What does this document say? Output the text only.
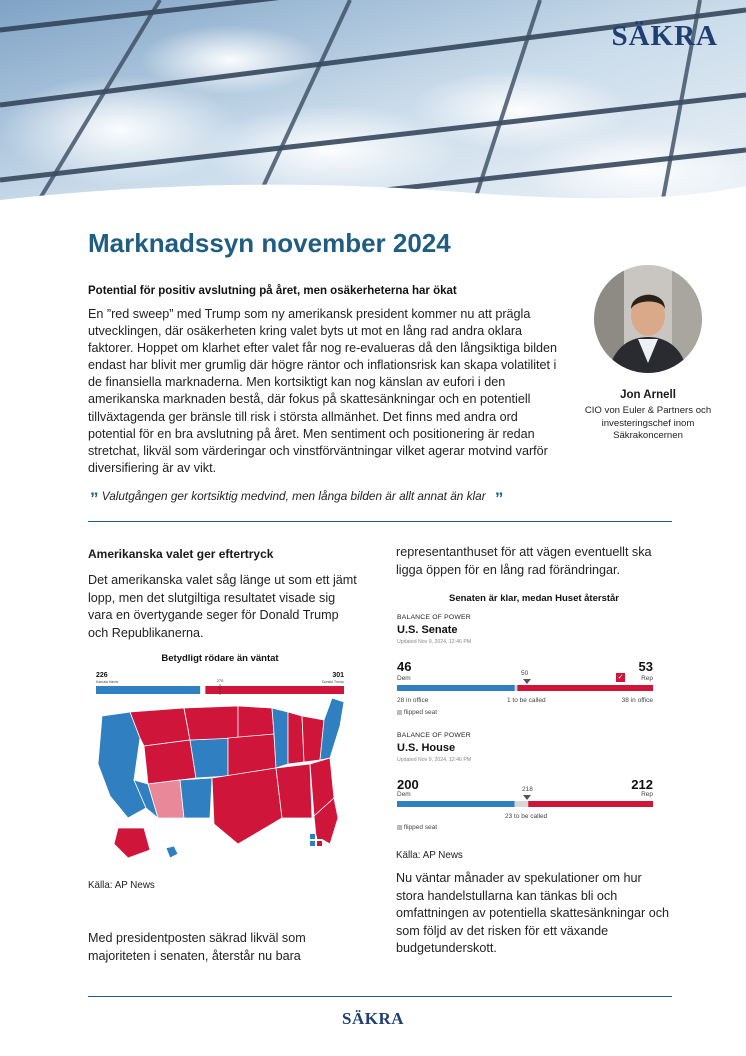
SÄKRA
Marknadssyn november 2024
Potential för positiv avslutning på året, men osäkerheterna har ökat

En ”red sweep” med Trump som ny amerikansk president kommer nu att prägla utvecklingen, där osäkerheten kring valet byts ut mot en lång rad andra oklara faktorer. Hoppet om klarhet efter valet får nog re-evalueras då den långsiktiga bilden endast har blivit mer grumlig där högre räntor och inflationsrisk kan skapa volatilitet i de finansiella marknaderna. Men kortsiktigt kan nog känslan av eufori i den amerikanska marknaden bestå, där fokus på skattesänkningar och en potentiell tillväxtagenda ger bränsle till risk i största allmänhet. Det finns med andra ord potential för en bra avslutning på året. Men sentiment och positionering är redan stretchat, likväl som värderingar och vinstförväntningar vilket agerar motvind varför diversifiering är av vikt.

Jon Arnell
CIO von Euler & Partners och investeringschef inom Säkrakoncernen
” Valutgången ger kortsiktig medvind, men långa bilden är allt annat än klar ”
Amerikanska valet ger eftertryck

Det amerikanska valet såg länge ut som ett jämt lopp, men det slutgiltiga resultatet visade sig vara en övertygande seger för Donald Trump och Republikanerna.

Betydligt rödare än väntat
226
Kamala Harris
301
Donald Trump
270
Källa: AP News

Med presidentposten säkrad likväl som majoriteten i senaten, återstår nu bara

representanthuset för att vägen eventuellt ska ligga öppen för en lång rad förändringar.

Senaten är klar, medan Huset återstår
BALANCE OF POWER
U.S. Senate
Updated Nov 9, 2024, 12:46 PM
46
Dem
53
Rep
✓
50
28 in office	1 to be called	38 in office
flipped seat
BALANCE OF POWER
U.S. House
Updated Nov 9, 2024, 12:46 PM
200
Dem
212
Rep
218
23 to be called
flipped seat
Källa: AP News

Nu väntar månader av spekulationer om hur stora handelstullarna kan tänkas bli och omfattningen av potentiella skattesänkningar och som följd av det risken för ett växande budgetunderskott.

SÄKRA
